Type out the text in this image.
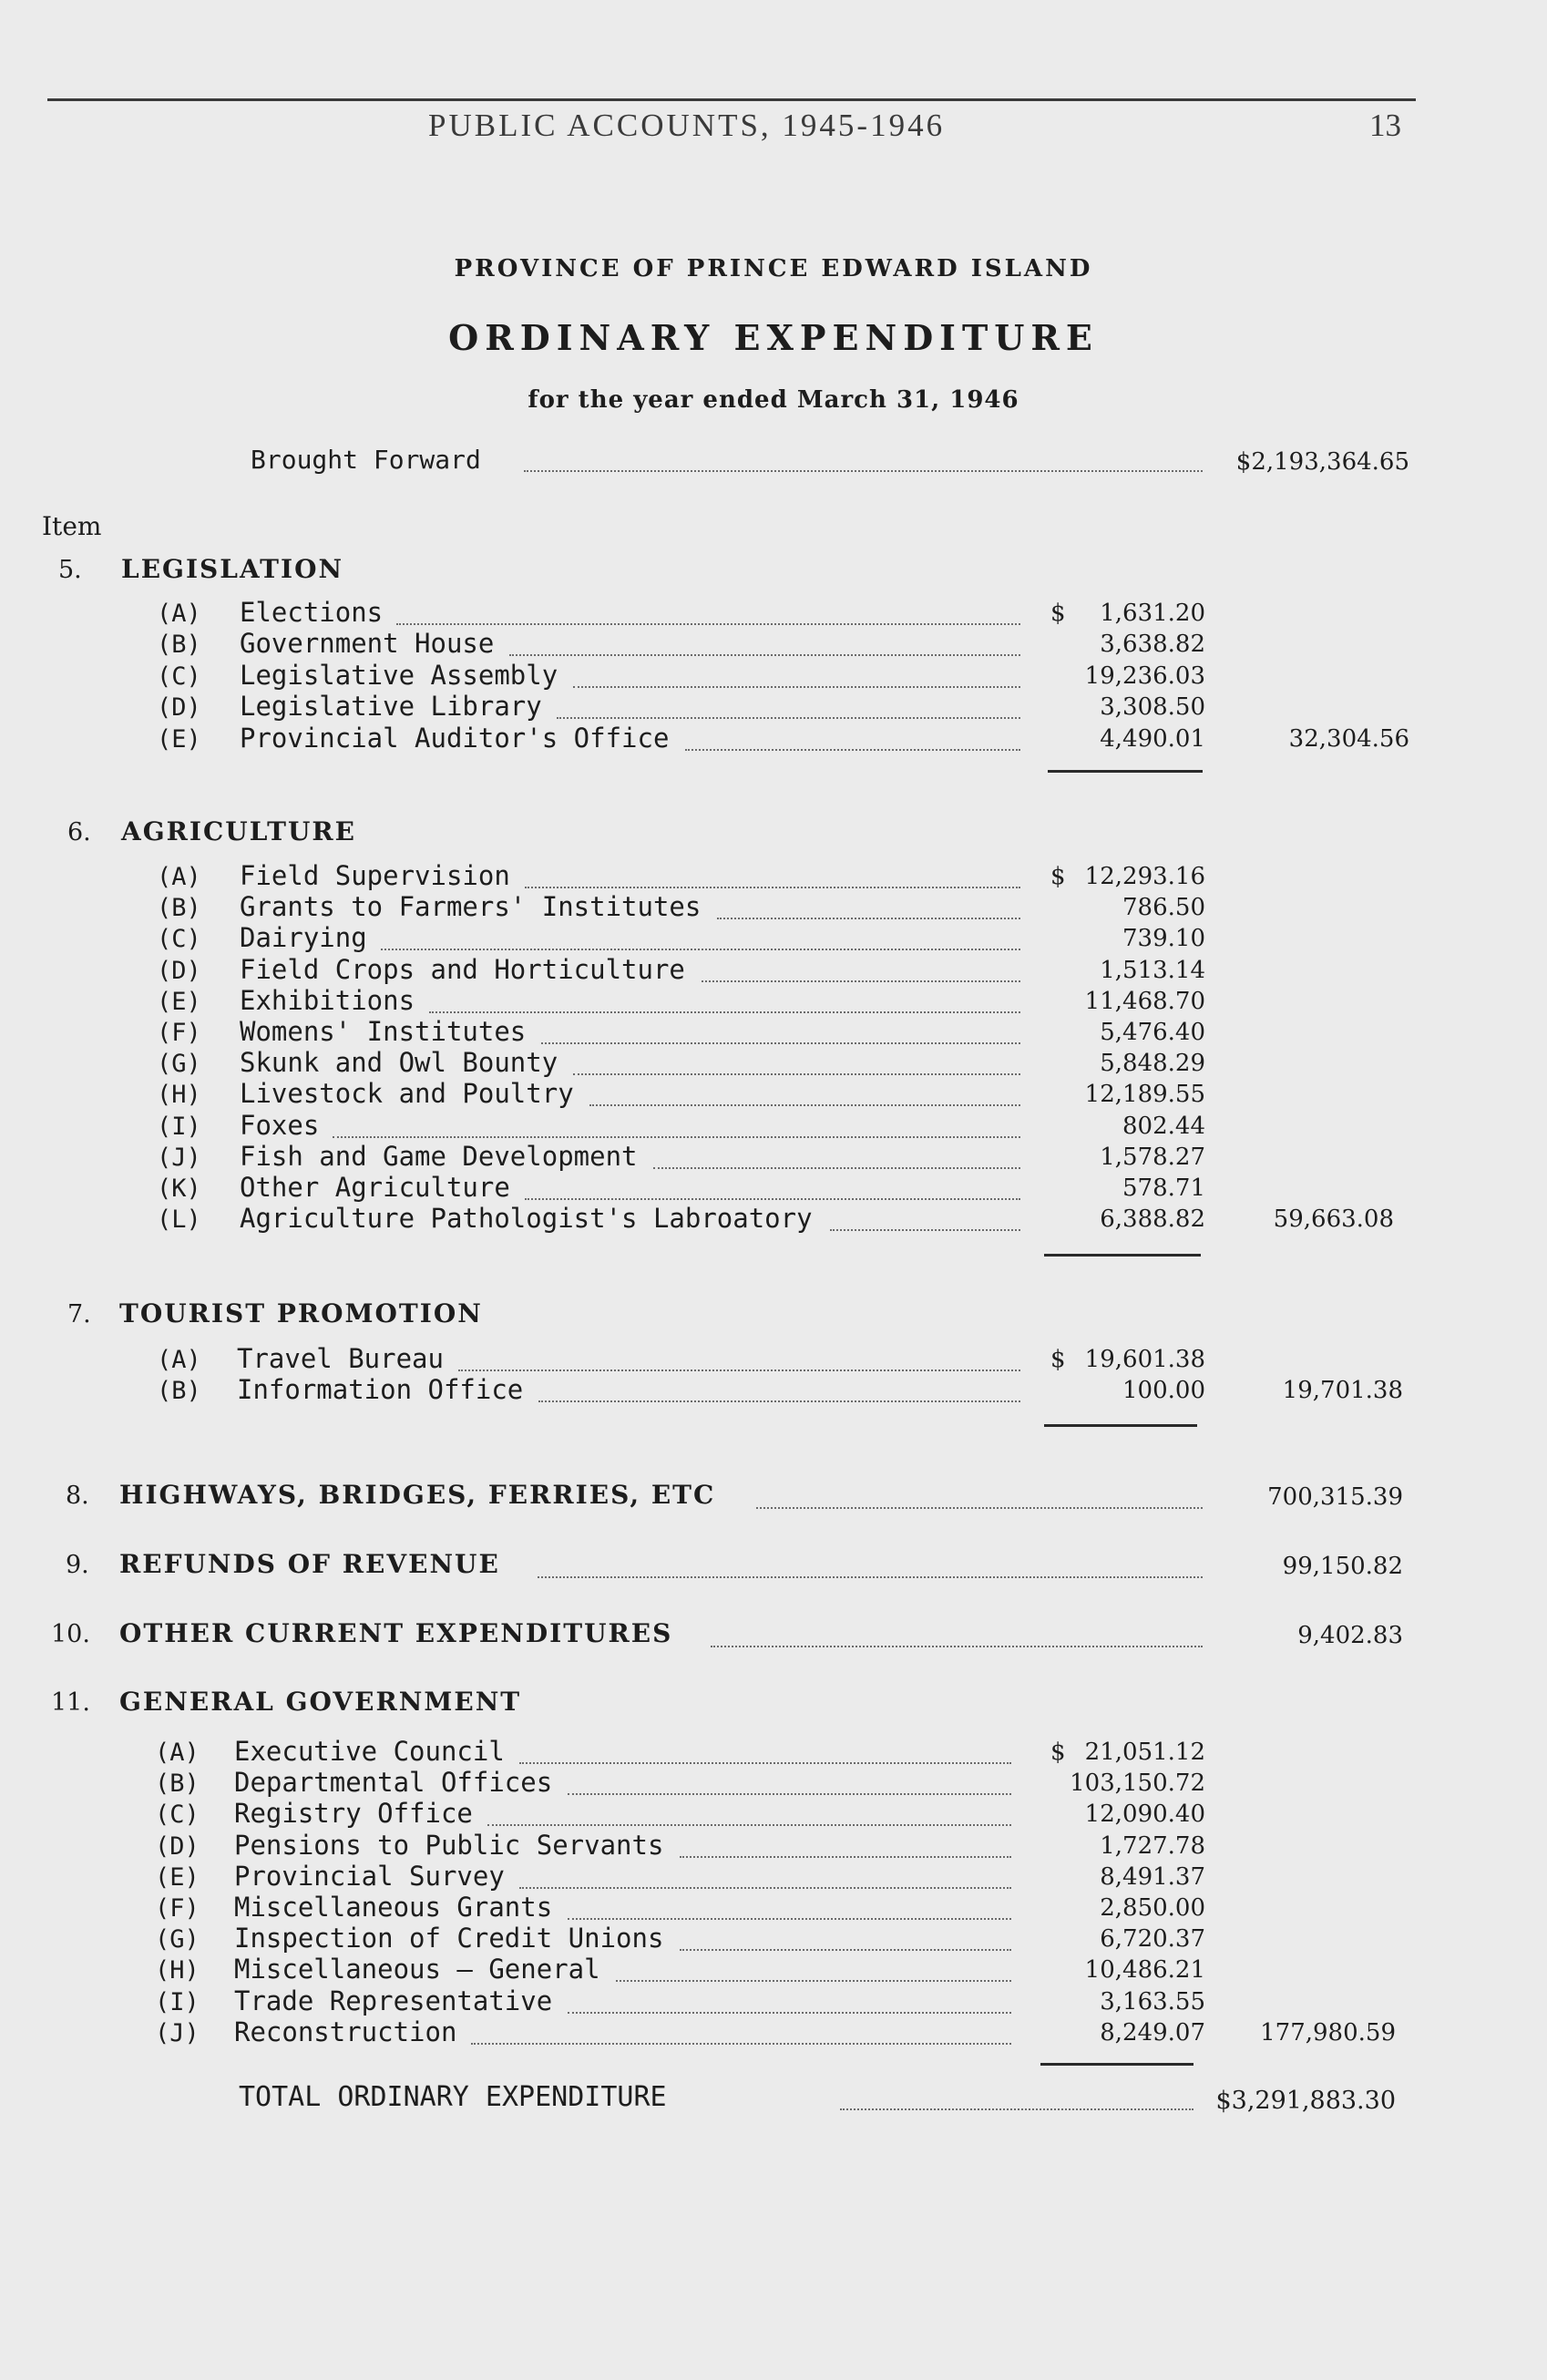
PUBLIC ACCOUNTS, 1945-1946	13
PROVINCE OF PRINCE EDWARD ISLAND
ORDINARY EXPENDITURE
for the year ended March 31, 1946
Brought Forward	$2,193,364.65
Item
5. LEGISLATION
(A) Elections	$ 1,631.20
(B) Government House	3,638.82
(C) Legislative Assembly	19,236.03
(D) Legislative Library	3,308.50
(E) Provincial Auditor's Office	4,490.01	32,304.56
6. AGRICULTURE
(A) Field Supervision	$ 12,293.16
(B) Grants to Farmers' Institutes	786.50
(C) Dairying	739.10
(D) Field Crops and Horticulture	1,513.14
(E) Exhibitions	11,468.70
(F) Womens' Institutes	5,476.40
(G) Skunk and Owl Bounty	5,848.29
(H) Livestock and Poultry	12,189.55
(I) Foxes	802.44
(J) Fish and Game Development	1,578.27
(K) Other Agriculture	578.71
(L) Agriculture Pathologist's Labroatory	6,388.82	59,663.08
7. TOURIST PROMOTION
(A) Travel Bureau	$ 19,601.38
(B) Information Office	100.00	19,701.38
8. HIGHWAYS, BRIDGES, FERRIES, ETC	700,315.39
9. REFUNDS OF REVENUE	99,150.82
10. OTHER CURRENT EXPENDITURES	9,402.83
11. GENERAL GOVERNMENT
(A) Executive Council	$ 21,051.12
(B) Departmental Offices	103,150.72
(C) Registry Office	12,090.40
(D) Pensions to Public Servants	1,727.78
(E) Provincial Survey	8,491.37
(F) Miscellaneous Grants	2,850.00
(G) Inspection of Credit Unions	6,720.37
(H) Miscellaneous — General	10,486.21
(I) Trade Representative	3,163.55
(J) Reconstruction	8,249.07 177,980.59
TOTAL ORDINARY EXPENDITURE	$3,291,883.30
